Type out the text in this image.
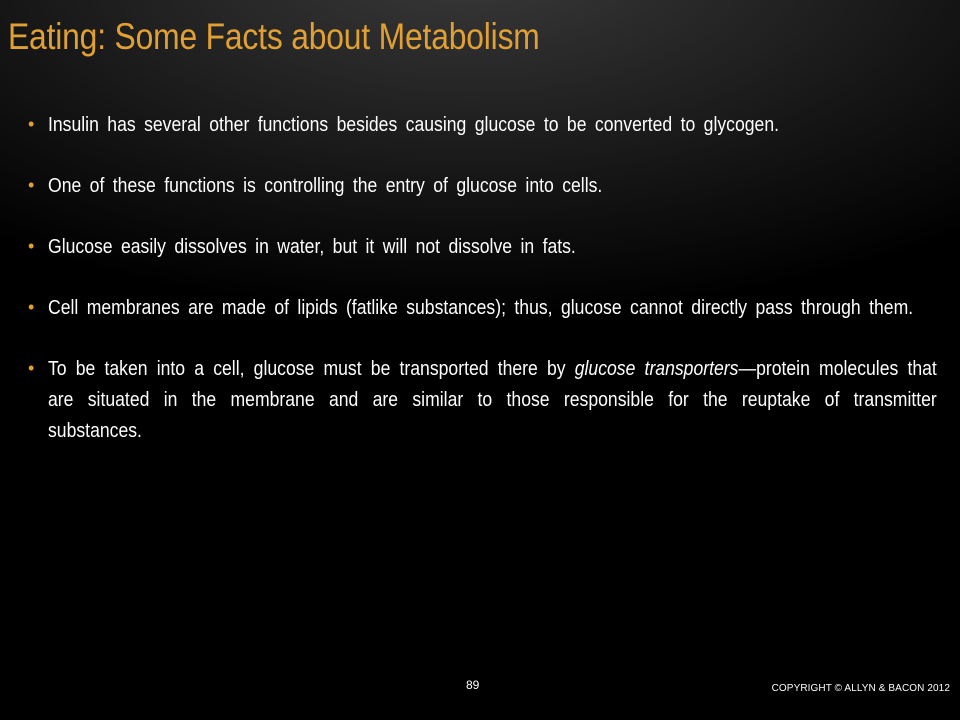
Eating: Some Facts about Metabolism
• Insulin has several other functions besides causing glucose to be converted to glycogen.
• One of these functions is controlling the entry of glucose into cells.
• Glucose easily dissolves in water, but it will not dissolve in fats.
• Cell membranes are made of lipids (fatlike substances); thus, glucose cannot directly pass through them.
• To be taken into a cell, glucose must be transported there by glucose transporters—protein molecules that are situated in the membrane and are similar to those responsible for the reuptake of transmitter substances.
89	COPYRIGHT © ALLYN & BACON 2012
